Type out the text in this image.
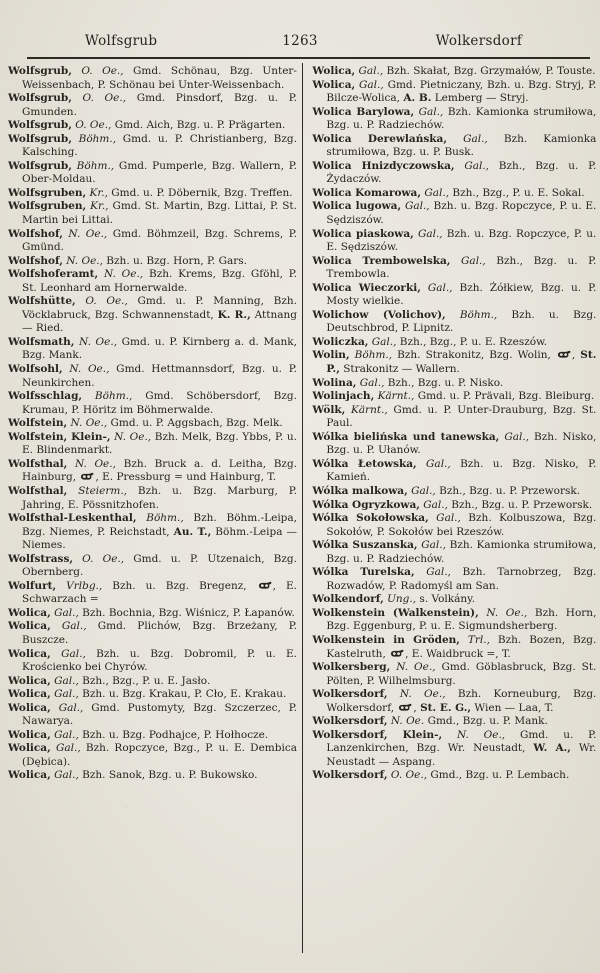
Wolfsgrub	1263	Wolkersdorf

Wolfsgrub, O. Oe., Gmd. Schönau, Bzg. Unter-Weissenbach, P. Schönau bei Unter-Weissenbach.

Wolfsgrub, O. Oe., Gmd. Pinsdorf, Bzg. u. P. Gmunden.

Wolfsgrub, O. Oe., Gmd. Aich, Bzg. u. P. Prägarten.

Wolfsgrub, Böhm., Gmd. u. P. Christianberg, Bzg. Kalsching.

Wolfsgrub, Böhm., Gmd. Pumperle, Bzg. Wallern, P. Ober-Moldau.

Wolfsgruben, Kr., Gmd. u. P. Döbernik, Bzg. Treffen.

Wolfsgruben, Kr., Gmd. St. Martin, Bzg. Littai, P. St. Martin bei Littai.

Wolfshof, N. Oe., Gmd. Böhmzeil, Bzg. Schrems, P. Gmünd.

Wolfshof, N. Oe., Bzh. u. Bzg. Horn, P. Gars.

Wolfshoferamt, N. Oe., Bzh. Krems, Bzg. Gföhl, P. St. Leonhard am Hornerwalde.

Wolfshütte, O. Oe., Gmd. u. P. Manning, Bzh. Vöcklabruck, Bzg. Schwannenstadt, K. R., Attnang — Ried.

Wolfsmath, N. Oe., Gmd. u. P. Kirnberg a. d. Mank, Bzg. Mank.

Wolfsohl, N. Oe., Gmd. Hettmannsdorf, Bzg. u. P. Neunkirchen.

Wolfsschlag, Böhm., Gmd. Schöbersdorf, Bzg. Krumau, P. Höritz im Böhmerwalde.

Wolfstein, N. Oe., Gmd. u. P. Aggsbach, Bzg. Melk.

Wolfstein, Klein-, N. Oe., Bzh. Melk, Bzg. Ybbs, P. u. E. Blindenmarkt.

Wolfsthal, N. Oe., Bzh. Bruck a. d. Leitha, Bzg. Hainburg,
, E. Pressburg = und Hainburg, T.

Wolfsthal, Steierm., Bzh. u. Bzg. Marburg, P. Jahring, E. Pössnitzhofen.

Wolfsthal-Leskenthal, Böhm., Bzh. Böhm.-Leipa, Bzg. Niemes, P. Reichstadt, Au. T., Böhm.-Leipa — Niemes.

Wolfstrass, O. Oe., Gmd. u. P. Utzenaich, Bzg. Obernberg.

Wolfurt, Vrlbg., Bzh. u. Bzg. Bregenz,
, E. Schwarzach =

Wolica, Gal., Bzh. Bochnia, Bzg. Wiśnicz, P. Łapanów.

Wolica, Gal., Gmd. Plichów, Bzg. Brzeżany, P. Buszcze.

Wolica, Gal., Bzh. u. Bzg. Dobromil, P. u. E. Krościenko bei Chyrów.

Wolica, Gal., Bzh., Bzg., P. u. E. Jasło.

Wolica, Gal., Bzh. u. Bzg. Krakau, P. Cło, E. Krakau.

Wolica, Gal., Gmd. Pustomyty, Bzg. Szczerzec, P. Nawarya.

Wolica, Gal., Bzh. u. Bzg. Podhajce, P. Hołhocze.

Wolica, Gal., Bzh. Ropczyce, Bzg., P. u. E. Dembica (Dębica).

Wolica, Gal., Bzh. Sanok, Bzg. u. P. Bukowsko.

Wolica, Gal., Bzh. Skałat, Bzg. Grzymałów, P. Touste.

Wolica, Gal., Gmd. Pietniczany, Bzh. u. Bzg. Stryj, P. Bilcze-Wolica, A. B. Lemberg — Stryj.

Wolica Barylowa, Gal., Bzh. Kamionka strumiłowa, Bzg. u. P. Radziechów.

Wolica Derewlańska, Gal., Bzh. Kamionka strumiłowa, Bzg. u. P. Busk.

Wolica Hnizdyczowska, Gal., Bzh., Bzg. u. P. Żydaczów.

Wolica Komarowa, Gal., Bzh., Bzg., P. u. E. Sokal.

Wolica lugowa, Gal., Bzh. u. Bzg. Ropczyce, P. u. E. Sędziszów.

Wolica piaskowa, Gal., Bzh. u. Bzg. Ropczyce, P. u. E. Sędziszów.

Wolica Trembowelska, Gal., Bzh., Bzg. u. P. Trembowla.

Wolica Wieczorki, Gal., Bzh. Żółkiew, Bzg. u. P. Mosty wielkie.

Wolichow (Volichov), Böhm., Bzh. u. Bzg. Deutschbrod, P. Lipnitz.

Woliczka, Gal., Bzh., Bzg., P. u. E. Rzeszów.

Wolin, Böhm., Bzh. Strakonitz, Bzg. Wolin,
, St. P., Strakonitz — Wallern.

Wolina, Gal., Bzh., Bzg. u. P. Nisko.

Wolinjach, Kärnt., Gmd. u. P. Prävali, Bzg. Bleiburg.

Wölk, Kärnt., Gmd. u. P. Unter-Drauburg, Bzg. St. Paul.

Wólka bielińska und tanewska, Gal., Bzh. Nisko, Bzg. u. P. Ułanów.

Wólka Łetowska, Gal., Bzh. u. Bzg. Nisko, P. Kamień.

Wólka malkowa, Gal., Bzh., Bzg. u. P. Przeworsk.

Wólka Ogryzkowa, Gal., Bzh., Bzg. u. P. Przeworsk.

Wólka Sokołowska, Gal., Bzh. Kolbuszowa, Bzg. Sokołów, P. Sokołów bei Rzeszów.

Wólka Suszanska, Gal., Bzh. Kamionka strumiłowa, Bzg. u. P. Radziechów.

Wólka Turelska, Gal., Bzh. Tarnobrzeg, Bzg. Rozwadów, P. Radomyśl am San.

Wolkendorf, Ung., s. Volkány.

Wolkenstein (Walkenstein), N. Oe., Bzh. Horn, Bzg. Eggenburg, P. u. E. Sigmundsherberg.

Wolkenstein in Gröden, Trl., Bzh. Bozen, Bzg. Kastelruth,
, E. Waidbruck =, T.

Wolkersberg, N. Oe., Gmd. Göblasbruck, Bzg. St. Pölten, P. Wilhelmsburg.

Wolkersdorf, N. Oe., Bzh. Korneuburg, Bzg. Wolkersdorf,
, St. E. G., Wien — Laa, T.

Wolkersdorf, N. Oe. Gmd., Bzg. u. P. Mank.

Wolkersdorf, Klein-, N. Oe., Gmd. u. P. Lanzenkirchen, Bzg. Wr. Neustadt, W. A., Wr. Neustadt — Aspang.

Wolkersdorf, O. Oe., Gmd., Bzg. u. P. Lembach.
